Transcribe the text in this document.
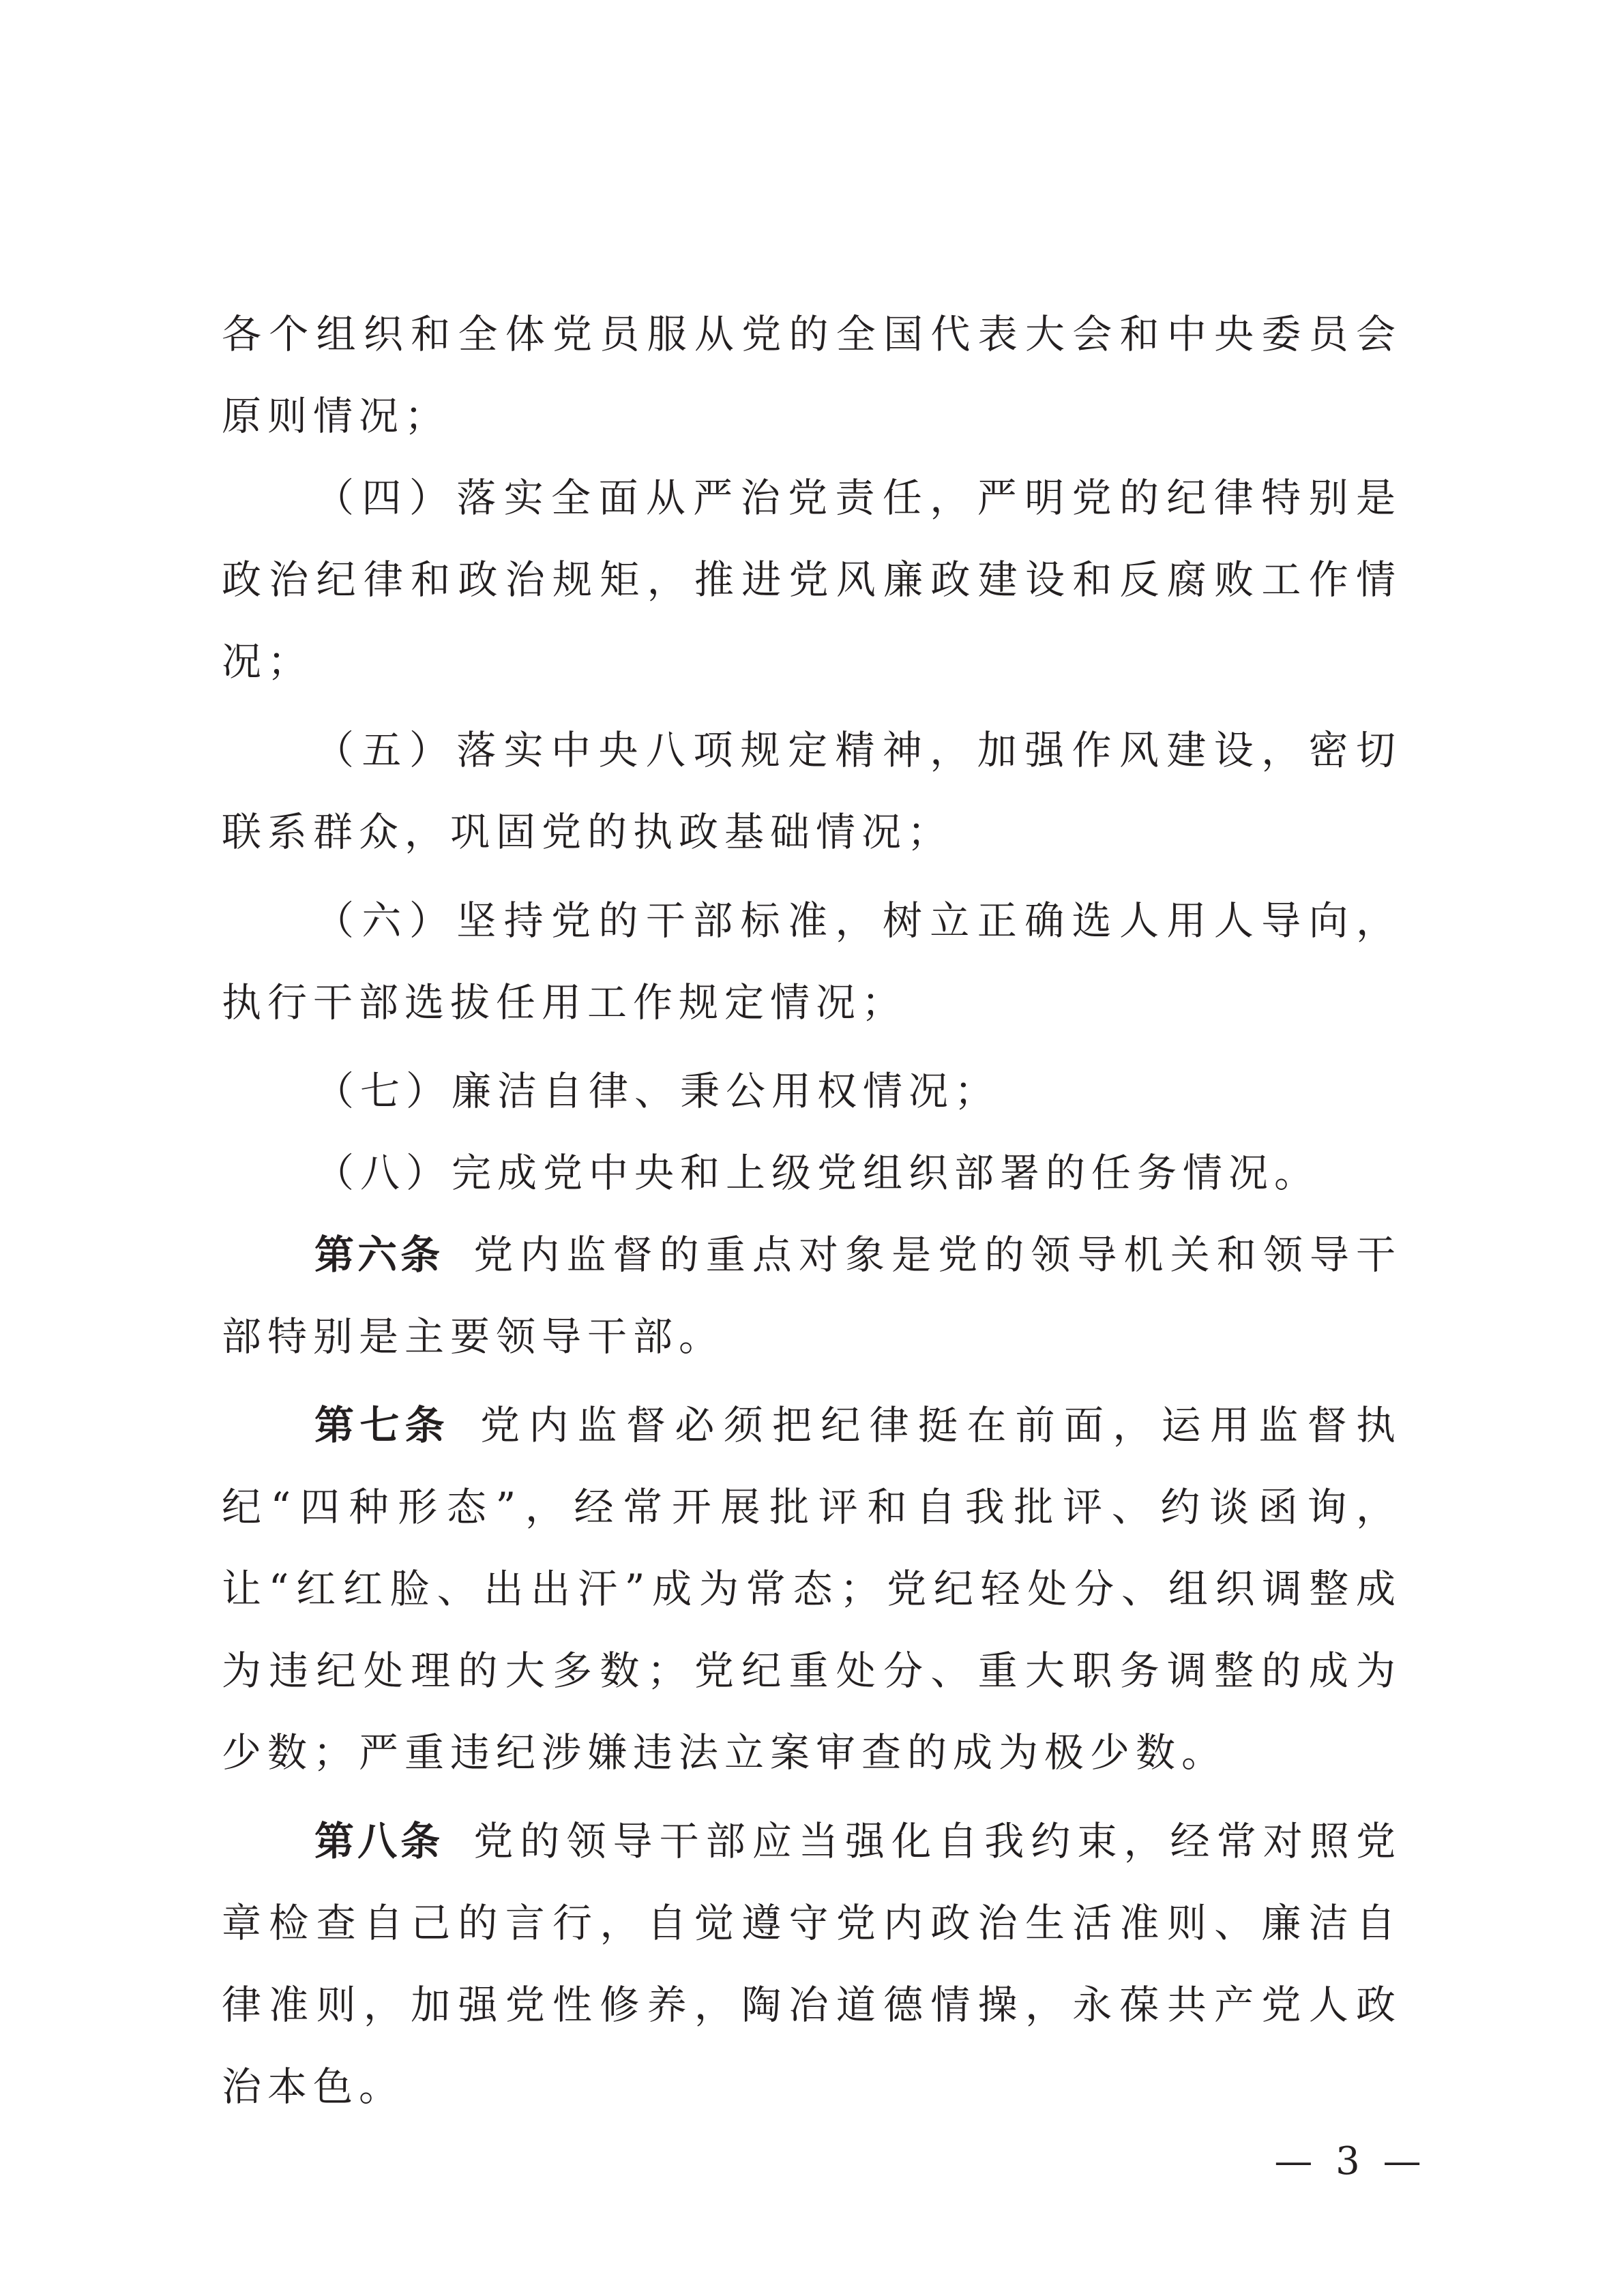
各个组织和全体党员服从党的全国代表大会和中央委员会原则情况；

（四）落实全面从严治党责任，严明党的纪律特别是政治纪律和政治规矩，推进党风廉政建设和反腐败工作情况；

（五）落实中央八项规定精神，加强作风建设，密切联系群众，巩固党的执政基础情况；

（六）坚持党的干部标准，树立正确选人用人导向，执行干部选拔任用工作规定情况；

（七）廉洁自律、秉公用权情况；

（八）完成党中央和上级党组织部署的任务情况。

第六条 党内监督的重点对象是党的领导机关和领导干部特别是主要领导干部。

第七条 党内监督必须把纪律挺在前面，运用监督执纪“四种形态”，经常开展批评和自我批评、约谈函询，让“红红脸、出出汗”成为常态；党纪轻处分、组织调整成为违纪处理的大多数；党纪重处分、重大职务调整的成为少数；严重违纪涉嫌违法立案审查的成为极少数。

第八条 党的领导干部应当强化自我约束，经常对照党章检查自己的言行，自觉遵守党内政治生活准则、廉洁自律准则，加强党性修养，陶冶道德情操，永葆共产党人政治本色。

— 3 —
